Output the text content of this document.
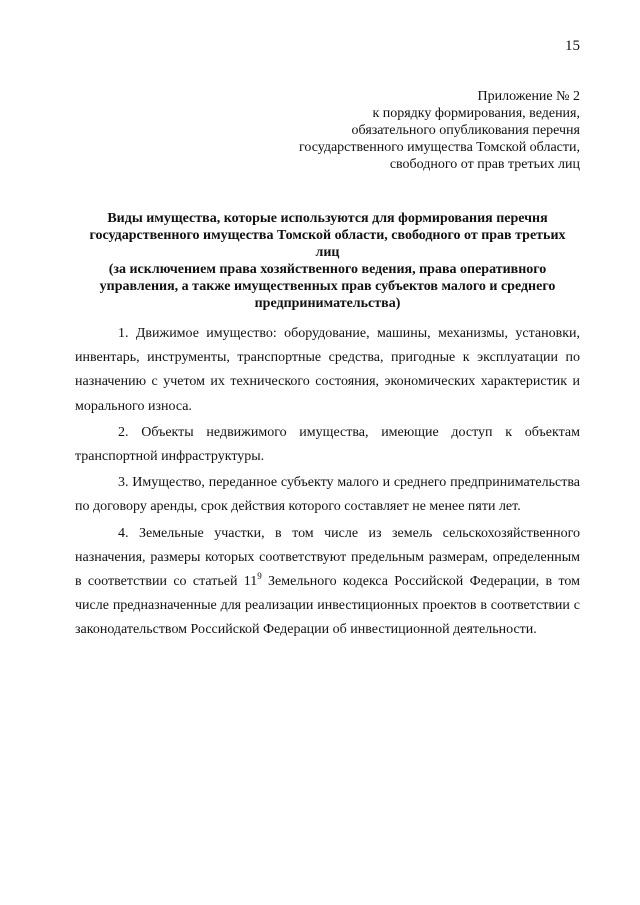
15
Приложение № 2
к порядку формирования, ведения,
обязательного опубликования перечня
государственного имущества Томской области,
свободного от прав третьих лиц
Виды имущества, которые используются для формирования перечня
государственного имущества Томской области, свободного от прав третьих
лиц
(за исключением права хозяйственного ведения, права оперативного
управления, а также имущественных прав субъектов малого и среднего
предпринимательства)

1. Движимое имущество: оборудование, машины, механизмы, установки, инвентарь, инструменты, транспортные средства, пригодные к эксплуатации по назначению с учетом их технического состояния, экономических характеристик и морального износа.

2. Объекты недвижимого имущества, имеющие доступ к объектам транспортной инфраструктуры.

3. Имущество, переданное субъекту малого и среднего предпринимательства по договору аренды, срок действия которого составляет не менее пяти лет.

4. Земельные участки, в том числе из земель сельскохозяйственного назначения, размеры которых соответствуют предельным размерам, определенным в соответствии со статьей $11^9$ Земельного кодекса Российской Федерации, в том числе предназначенные для реализации инвестиционных проектов в соответствии с законодательством Российской Федерации об инвестиционной деятельности.
